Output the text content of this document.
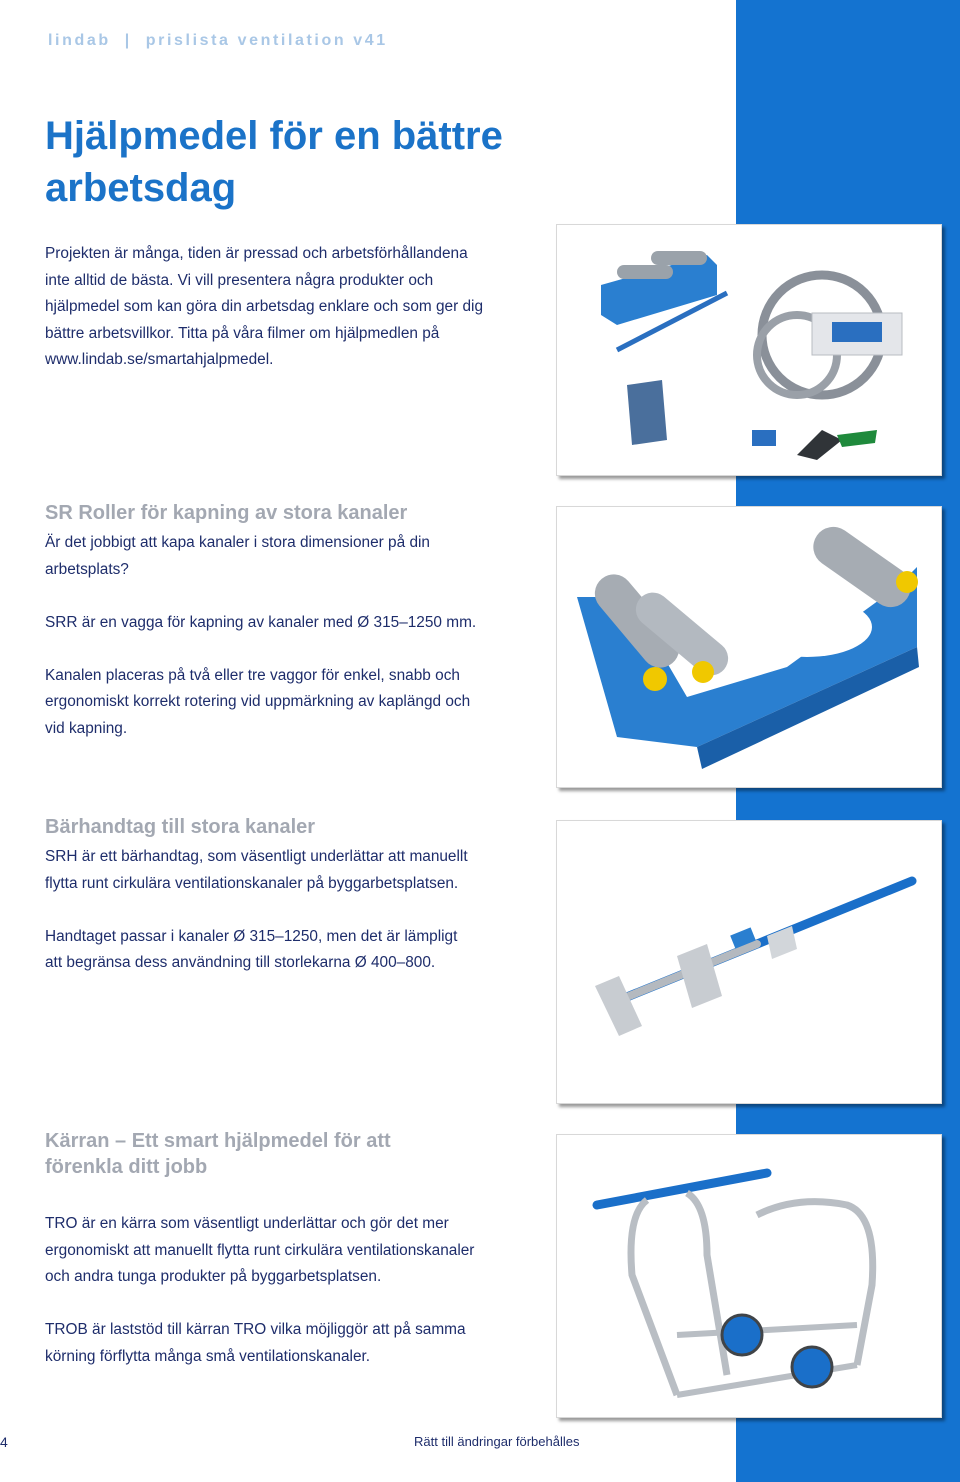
lindab | prislista ventilation v41
Hjälpmedel för en bättre arbetsdag

Projekten är många, tiden är pressad och arbetsförhållandena inte alltid de bästa. Vi vill presentera några produkter och hjälpmedel som kan göra din arbetsdag enklare och som ger dig bättre arbetsvillkor. Titta på våra filmer om hjälpmedlen på www.lindab.se/smartahjalpmedel.

SR Roller för kapning av stora kanaler

Är det jobbigt att kapa kanaler i stora dimensioner på din arbetsplats?

SRR är en vagga för kapning av kanaler med Ø 315–1250 mm.

Kanalen placeras på två eller tre vaggor för enkel, snabb och ergonomiskt korrekt rotering vid uppmärkning av kaplängd och vid kapning.

Bärhandtag till stora kanaler

SRH är ett bärhandtag, som väsentligt underlättar att manuellt flytta runt cirkulära ventilationskanaler på byggarbetsplatsen.

Handtaget passar i kanaler Ø 315–1250, men det är lämpligt att begränsa dess användning till storlekarna Ø 400–800.

Kärran – Ett smart hjälpmedel för att förenkla ditt jobb

TRO är en kärra som väsentligt underlättar och gör det mer ergonomiskt att manuellt flytta runt cirkulära ventilationskanaler och andra tunga produkter på byggarbetsplatsen.

TROB är laststöd till kärran TRO vilka möjliggör att på samma körning förflytta många små ventilationskanaler.

4	Rätt till ändringar förbehålles
